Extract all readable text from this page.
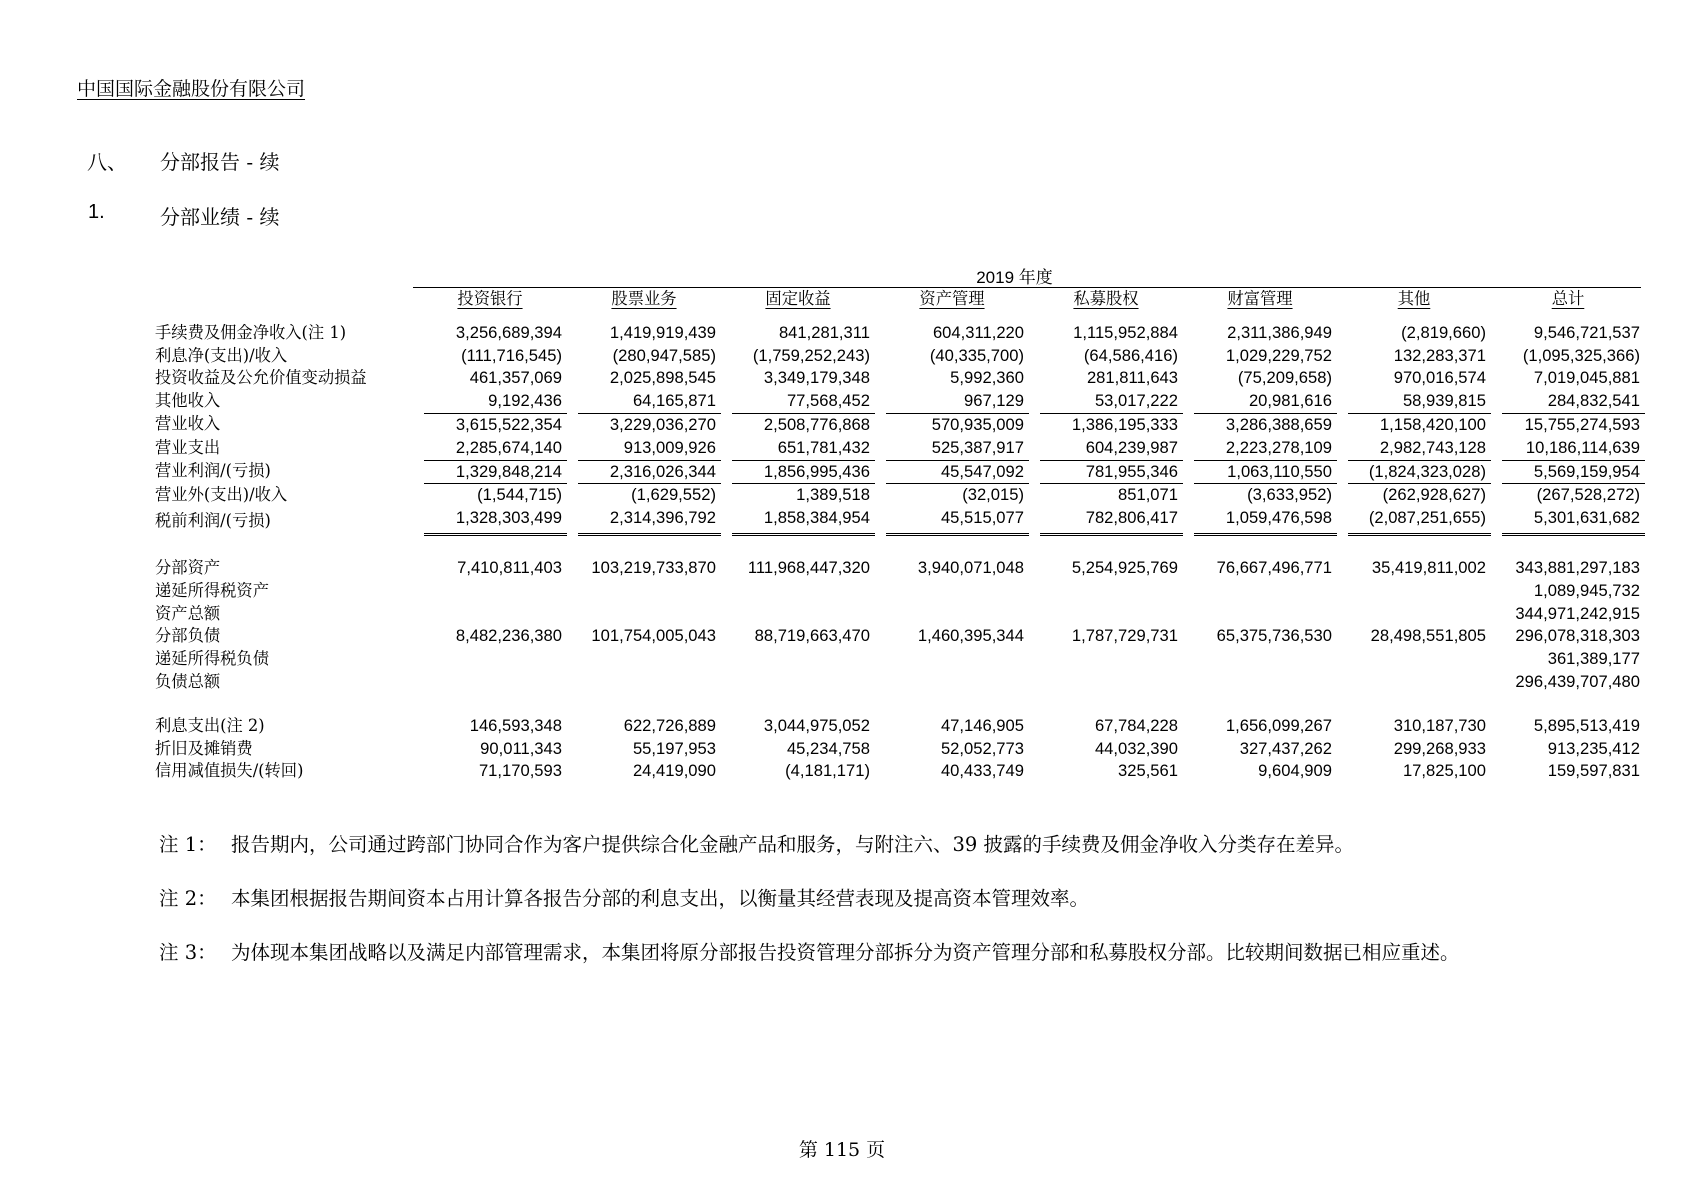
中国国际金融股份有限公司
八、 分部报告 - 续
1.	分部业绩 - 续
2019 年度
	投资银行	股票业务	固定收益	资产管理	私募股权	财富管理	其他	总计

手续费及佣金净收入(注 1)	3,256,689,394	1,419,919,439	841,281,311	604,311,220	1,115,952,884	2,311,386,949	(2,819,660)	9,546,721,537

利息净(支出)/收入	(111,716,545)	(280,947,585)	(1,759,252,243)	(40,335,700)	(64,586,416)	1,029,229,752	132,283,371	(1,095,325,366)

投资收益及公允价值变动损益	461,357,069	2,025,898,545	3,349,179,348	5,992,360	281,811,643	(75,209,658)	970,016,574	7,019,045,881

其他收入	9,192,436	64,165,871	77,568,452	967,129	53,017,222	20,981,616	58,939,815	284,832,541

营业收入	3,615,522,354	3,229,036,270	2,508,776,868	570,935,009	1,386,195,333	3,286,388,659	1,158,420,100	15,755,274,593

营业支出	2,285,674,140	913,009,926	651,781,432	525,387,917	604,239,987	2,223,278,109	2,982,743,128	10,186,114,639

营业利润/(亏损)	1,329,848,214	2,316,026,344	1,856,995,436	45,547,092	781,955,346	1,063,110,550	(1,824,323,028)	5,569,159,954

营业外(支出)/收入	(1,544,715)	(1,629,552)	1,389,518	(32,015)	851,071	(3,633,952)	(262,928,627)	(267,528,272)

税前利润/(亏损)	1,328,303,499	2,314,396,792	1,858,384,954	45,515,077	782,806,417	1,059,476,598	(2,087,251,655)	5,301,631,682

分部资产	7,410,811,403	103,219,733,870	111,968,447,320	3,940,071,048	5,254,925,769	76,667,496,771	35,419,811,002	343,881,297,183

递延所得税资产								1,089,945,732

资产总额								344,971,242,915

分部负债	8,482,236,380	101,754,005,043	88,719,663,470	1,460,395,344	1,787,729,731	65,375,736,530	28,498,551,805	296,078,318,303

递延所得税负债								361,389,177

负债总额								296,439,707,480

利息支出(注 2)	146,593,348	622,726,889	3,044,975,052	47,146,905	67,784,228	1,656,099,267	310,187,730	5,895,513,419

折旧及摊销费	90,011,343	55,197,953	45,234,758	52,052,773	44,032,390	327,437,262	299,268,933	913,235,412

信用减值损失/(转回)	71,170,593	24,419,090	(4,181,171)	40,433,749	325,561	9,604,909	17,825,100	159,597,831
注 1： 报告期内，公司通过跨部门协同合作为客户提供综合化金融产品和服务，与附注六、39 披露的手续费及佣金净收入分类存在差异。
注 2： 本集团根据报告期间资本占用计算各报告分部的利息支出，以衡量其经营表现及提高资本管理效率。
注 3： 为体现本集团战略以及满足内部管理需求，本集团将原分部报告投资管理分部拆分为资产管理分部和私募股权分部。比较期间数据已相应重述。
第 115 页
